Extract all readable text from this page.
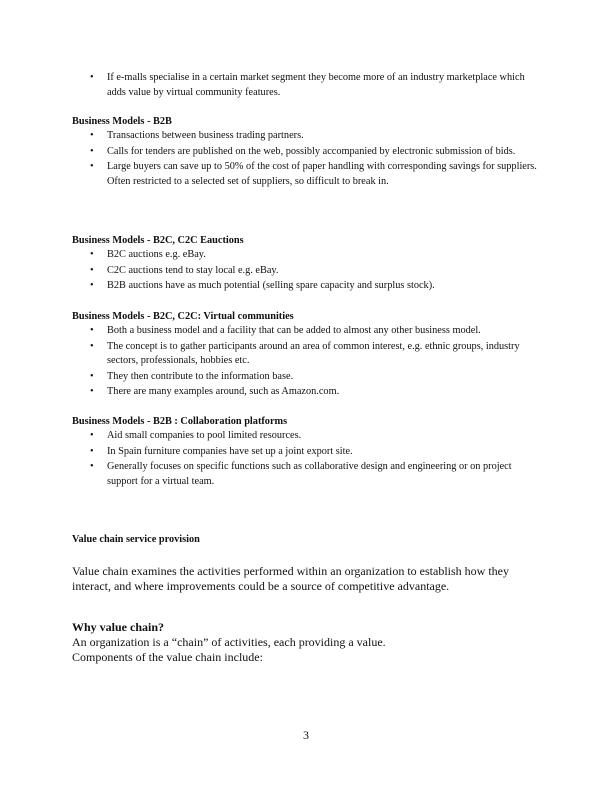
• If e-malls specialise in a certain market segment they become more of an industry marketplace which adds value by virtual community features.

Business Models - B2B

• Transactions between business trading partners.
• Calls for tenders are published on the web, possibly accompanied by electronic submission of bids.
• Large buyers can save up to 50% of the cost of paper handling with corresponding savings for suppliers. Often restricted to a selected set of suppliers, so difficult to break in.

Business Models - B2C, C2C Eauctions

• B2C auctions e.g. eBay.
• C2C auctions tend to stay local e.g. eBay.
• B2B auctions have as much potential (selling spare capacity and surplus stock).

Business Models - B2C, C2C: Virtual communities

• Both a business model and a facility that can be added to almost any other business model.
• The concept is to gather participants around an area of common interest, e.g. ethnic groups, industry sectors, professionals, hobbies etc.
• They then contribute to the information base.
• There are many examples around, such as Amazon.com.

Business Models - B2B : Collaboration platforms

• Aid small companies to pool limited resources.
• In Spain furniture companies have set up a joint export site.
• Generally focuses on specific functions such as collaborative design and engineering or on project support for a virtual team.

Value chain service provision

Value chain examines the activities performed within an organization to establish how they interact, and where improvements could be a source of competitive advantage.

Why value chain?

An organization is a “chain” of activities, each providing a value.

Components of the value chain include:

3
